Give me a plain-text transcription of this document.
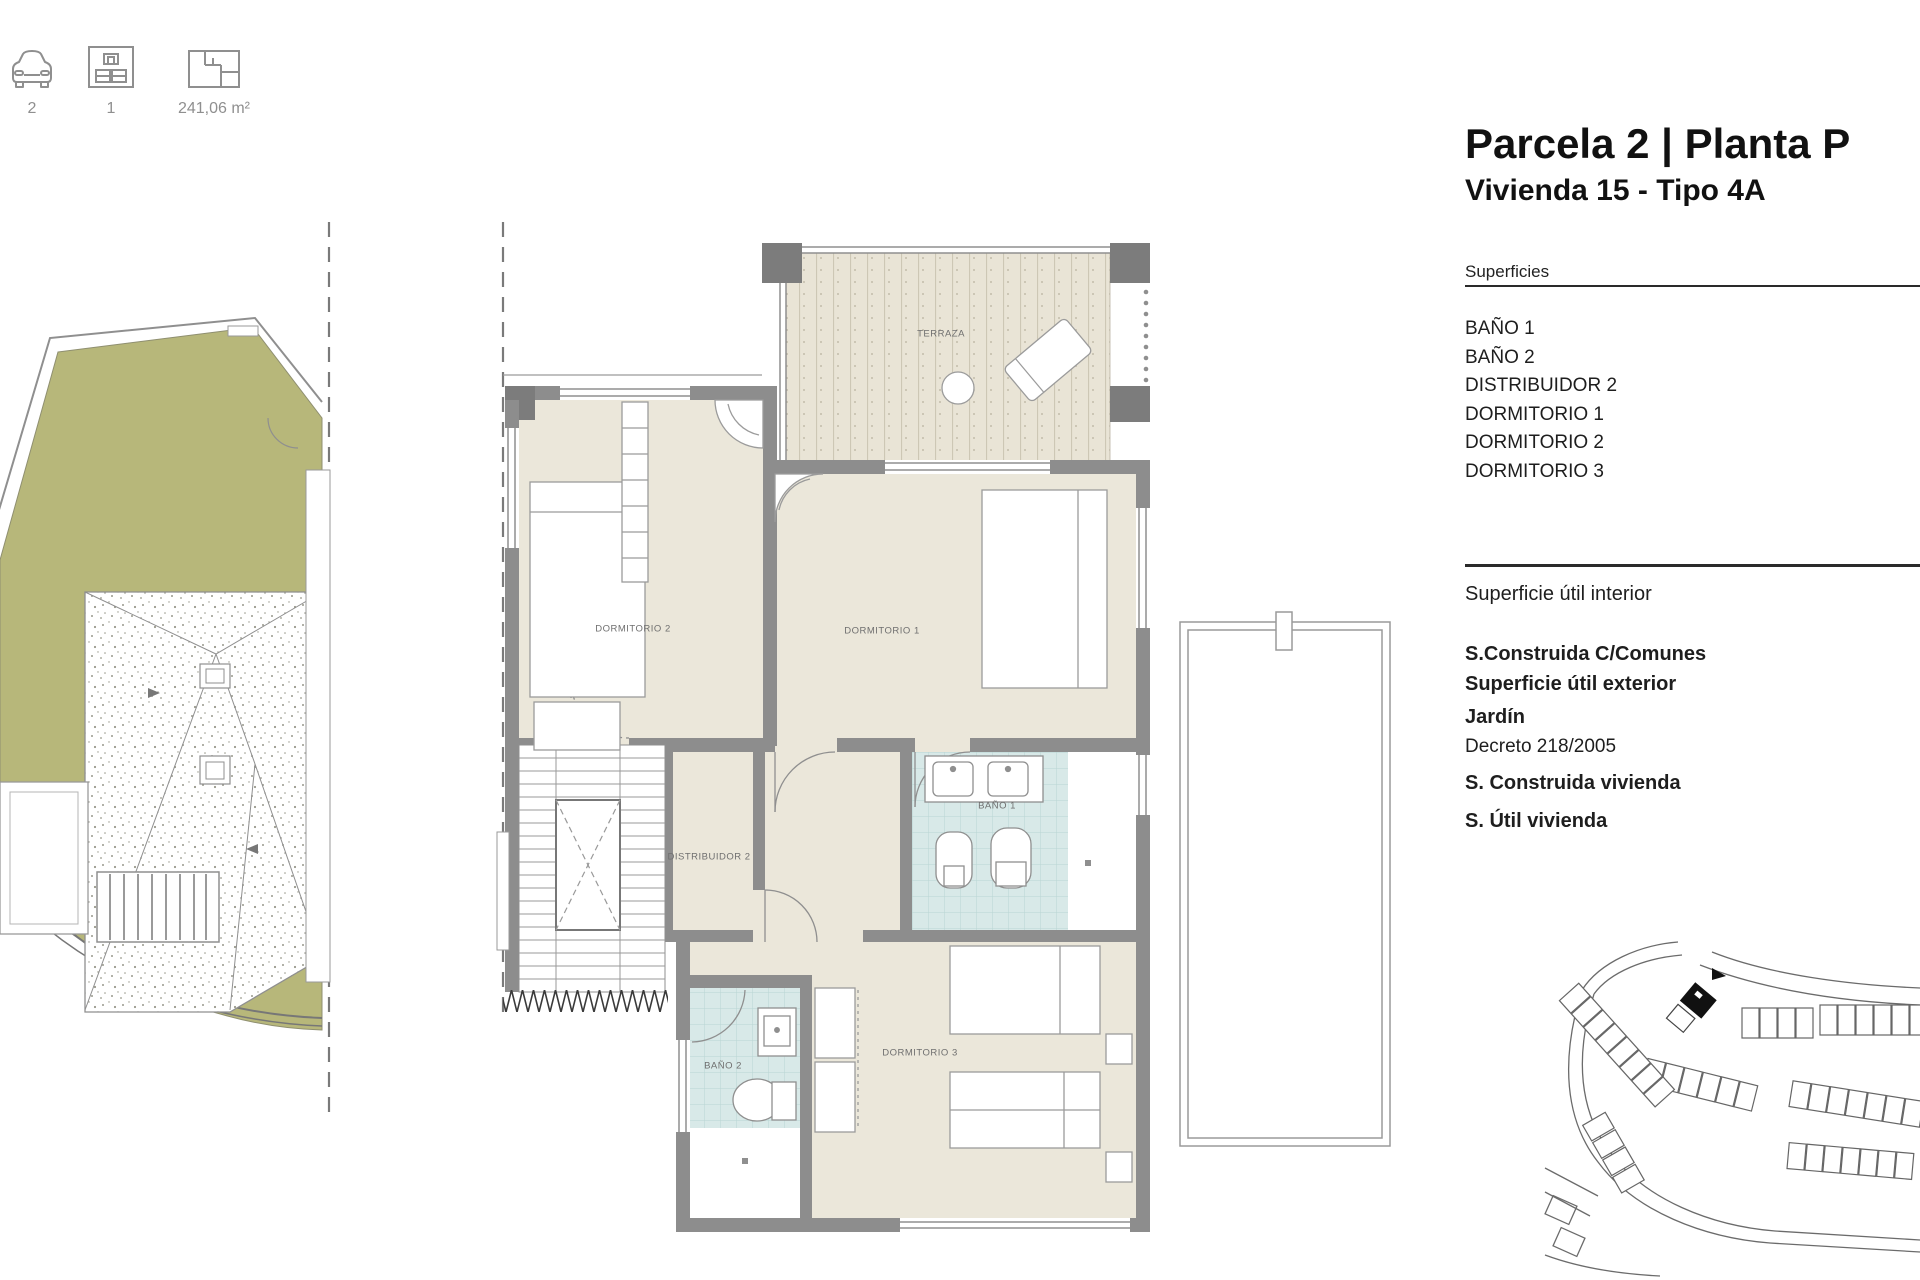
2	1	241,06 m²
TERRAZA
DORMITORIO 2	DORMITORIO 1
BAÑO 1
DISTRIBUIDOR 2
BAÑO 2
DORMITORIO 3
Parcela 2 | Planta P
Vivienda 15 - Tipo 4A
Superficies
BAÑO 1
BAÑO 2
DISTRIBUIDOR 2
DORMITORIO 1
DORMITORIO 2
DORMITORIO 3
Superficie útil interior
S.Construida C/Comunes
Superficie útil exterior
Jardín
Decreto 218/2005
S. Construida vivienda
S. Útil vivienda
